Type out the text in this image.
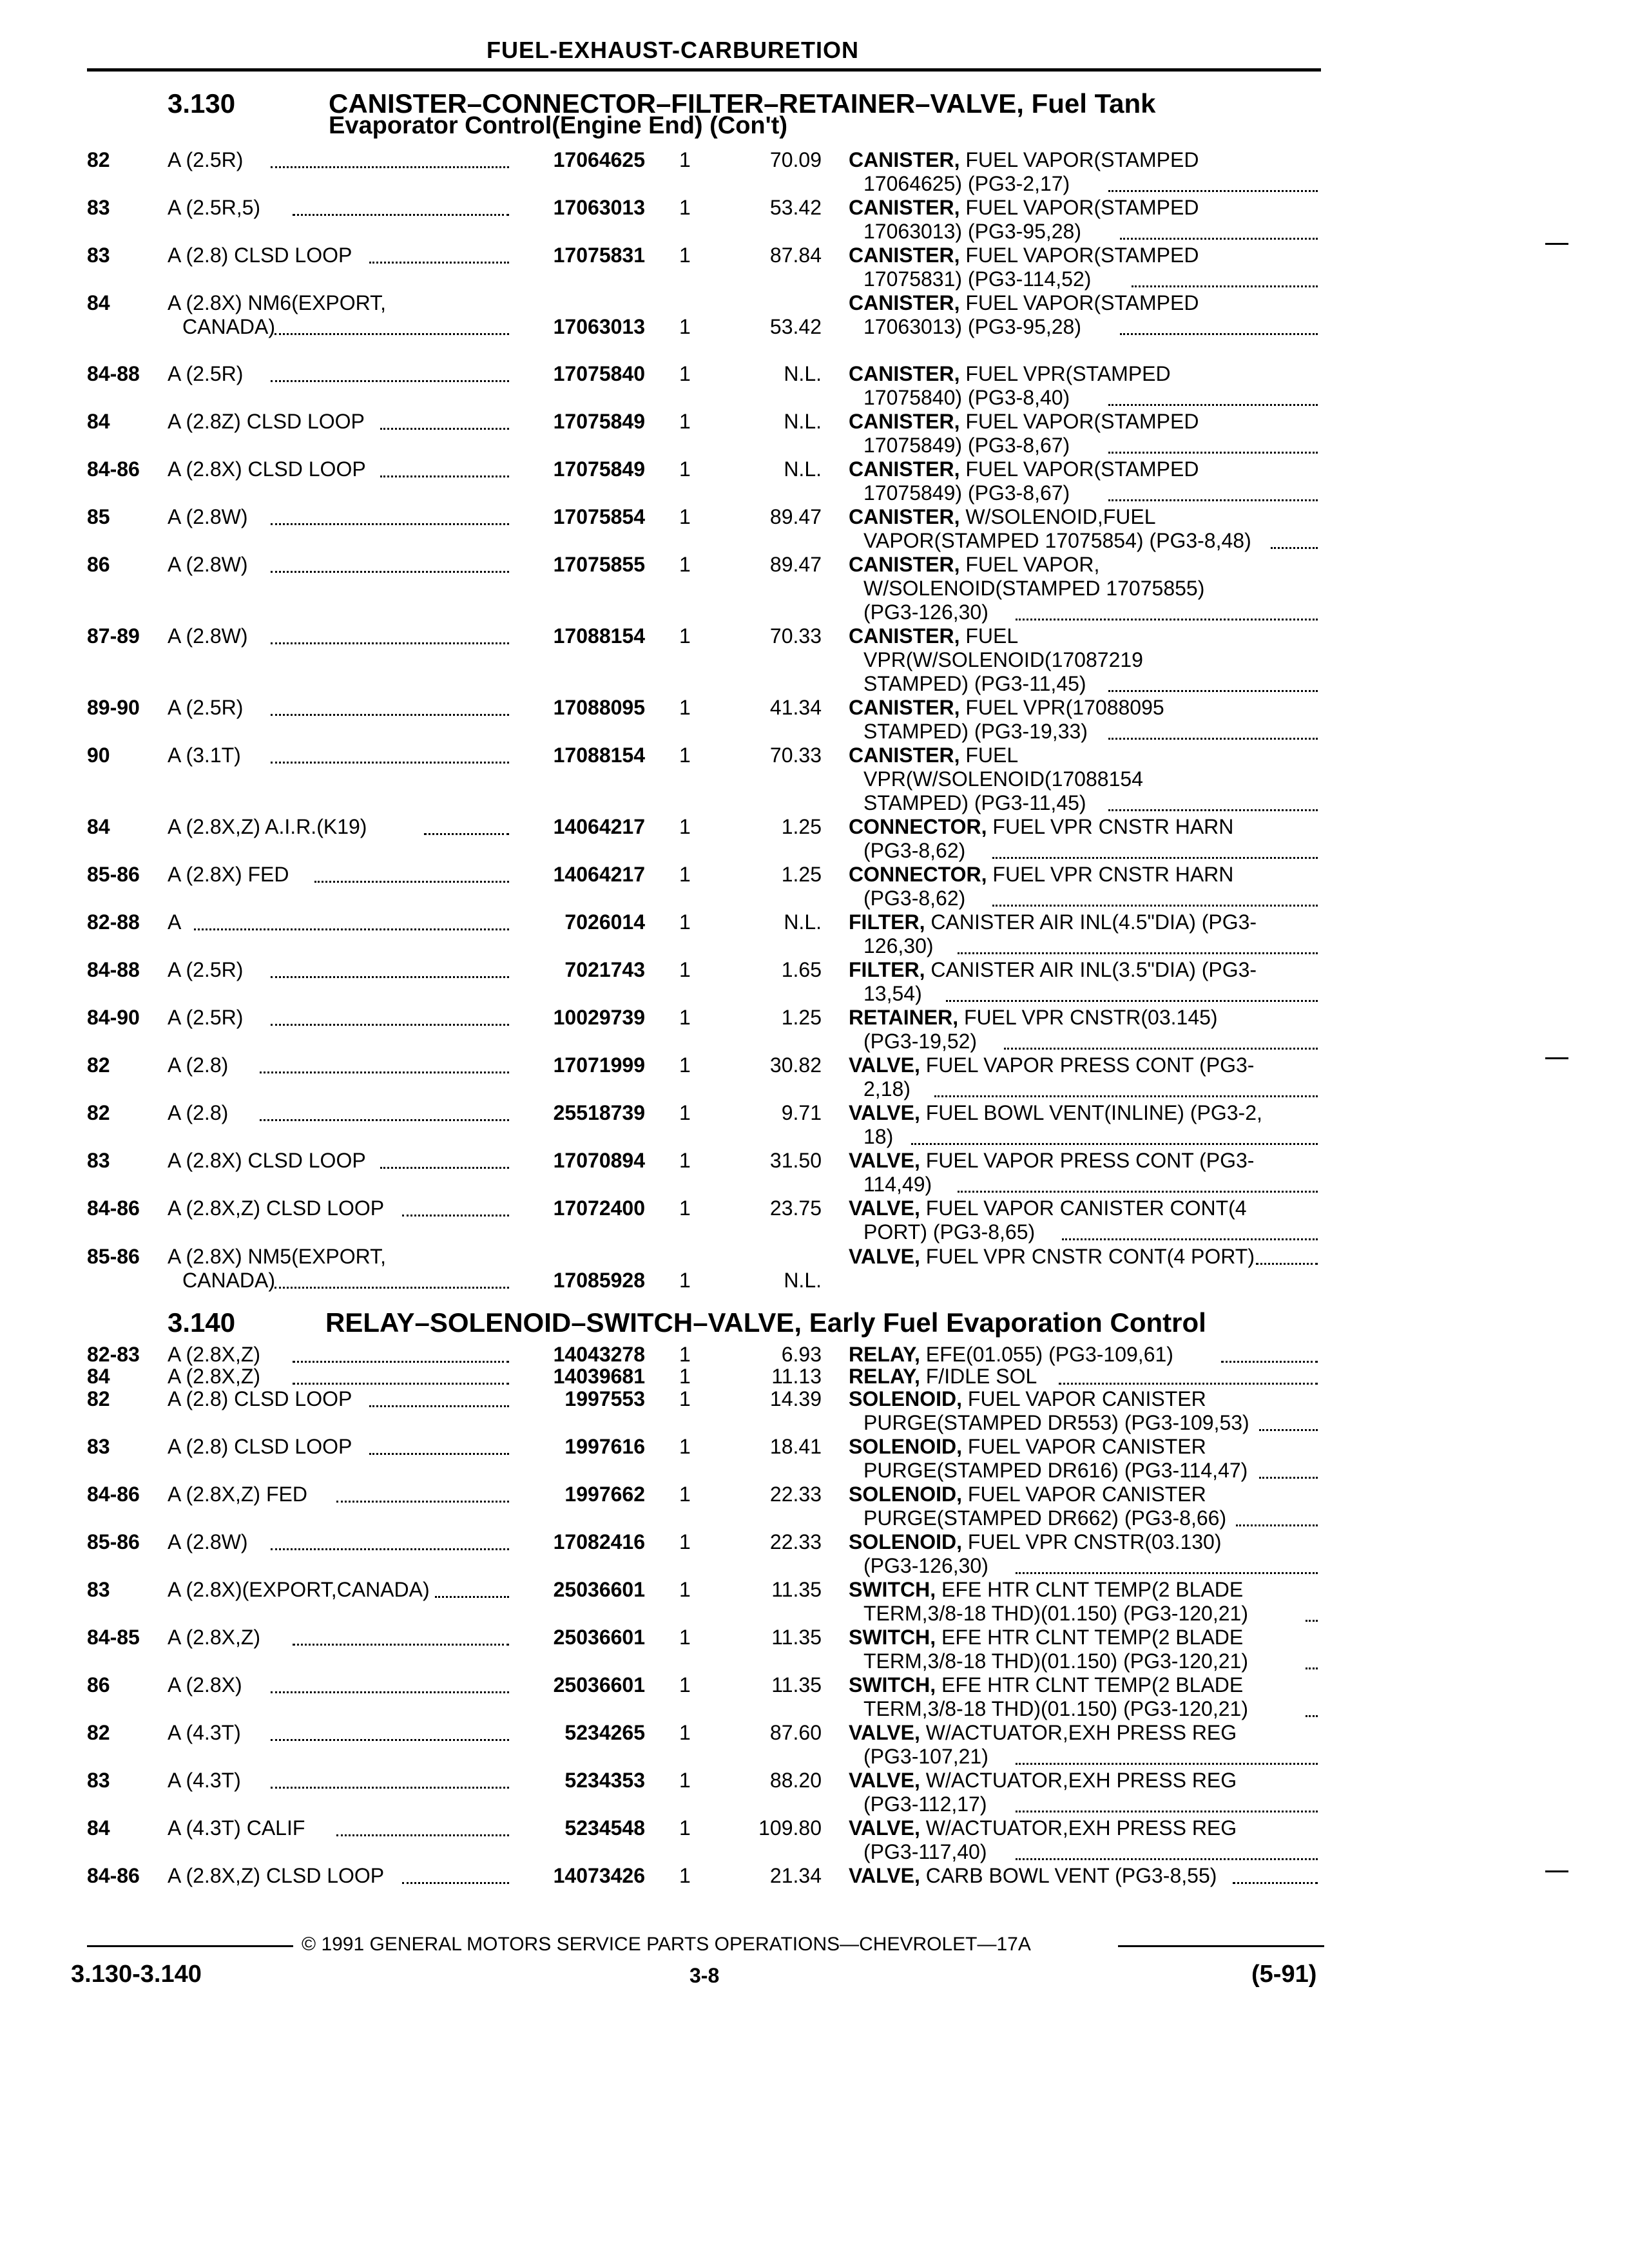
FUEL-EXHAUST-CARBURETION
3.130	CANISTER–CONNECTOR–FILTER–RETAINER–VALVE, Fuel Tank
Evaporator Control(Engine End) (Con't)
82	A (2.5R)	17064625 1	70.09 CANISTER, FUEL VAPOR(STAMPED
17064625) (PG3-2,17)
83	A (2.5R,5)	17063013 1	53.42 CANISTER, FUEL VAPOR(STAMPED
17063013) (PG3-95,28)
83	A (2.8) CLSD LOOP	17075831 1	87.84 CANISTER, FUEL VAPOR(STAMPED
17075831) (PG3-114,52)
84	A (2.8X) NM6(EXPORT,
CANADA)	17063013 1	53.42
CANISTER, FUEL VAPOR(STAMPED
17063013) (PG3-95,28)
84-88 A (2.5R)	17075840 1	N.L. CANISTER, FUEL VPR(STAMPED
17075840) (PG3-8,40)
84	A (2.8Z) CLSD LOOP	17075849 1	N.L. CANISTER, FUEL VAPOR(STAMPED
17075849) (PG3-8,67)
84-86 A (2.8X) CLSD LOOP	17075849 1	N.L. CANISTER, FUEL VAPOR(STAMPED
17075849) (PG3-8,67)
85	A (2.8W)	17075854 1	89.47 CANISTER, W/SOLENOID,FUEL
VAPOR(STAMPED 17075854) (PG3-8,48)
86	A (2.8W)	17075855 1	89.47 CANISTER, FUEL VAPOR,
W/SOLENOID(STAMPED 17075855)
(PG3-126,30)
87-89 A (2.8W)	17088154 1	70.33 CANISTER, FUEL
VPR(W/SOLENOID(17087219
STAMPED) (PG3-11,45)
89-90 A (2.5R)	17088095 1	41.34 CANISTER, FUEL VPR(17088095
STAMPED) (PG3-19,33)
90	A (3.1T)	17088154 1	70.33 CANISTER, FUEL
VPR(W/SOLENOID(17088154
STAMPED) (PG3-11,45)
84	A (2.8X,Z) A.I.R.(K19)	14064217 1	1.25 CONNECTOR, FUEL VPR CNSTR HARN
(PG3-8,62)
85-86 A (2.8X) FED	14064217 1	1.25 CONNECTOR, FUEL VPR CNSTR HARN
(PG3-8,62)
82-88 A	7026014 1	N.L. FILTER, CANISTER AIR INL(4.5"DIA) (PG3-
126,30)
84-88 A (2.5R)	7021743 1	1.65 FILTER, CANISTER AIR INL(3.5"DIA) (PG3-
13,54)
84-90 A (2.5R)	10029739 1	1.25 RETAINER, FUEL VPR CNSTR(03.145)
(PG3-19,52)
82	A (2.8)	17071999 1	30.82 VALVE, FUEL VAPOR PRESS CONT (PG3-
2,18)
82	A (2.8)	25518739 1	9.71 VALVE, FUEL BOWL VENT(INLINE) (PG3-2,
18)
83	A (2.8X) CLSD LOOP	17070894 1	31.50 VALVE, FUEL VAPOR PRESS CONT (PG3-
114,49)
84-86 A (2.8X,Z) CLSD LOOP	17072400 1	23.75 VALVE, FUEL VAPOR CANISTER CONT(4
PORT) (PG3-8,65)
85-86 A (2.8X) NM5(EXPORT,
CANADA)	17085928 1	N.L.
VALVE, FUEL VPR CNSTR CONT(4 PORT)
3.140	RELAY–SOLENOID–SWITCH–VALVE, Early Fuel Evaporation Control
82-83 A (2.8X,Z)	14043278 1	6.93 RELAY, EFE(01.055) (PG3-109,61)
84	A (2.8X,Z)	14039681 1	11.13 RELAY, F/IDLE SOL
82	A (2.8) CLSD LOOP	1997553 1	14.39 SOLENOID, FUEL VAPOR CANISTER
PURGE(STAMPED DR553) (PG3-109,53)
83	A (2.8) CLSD LOOP	1997616 1	18.41 SOLENOID, FUEL VAPOR CANISTER
PURGE(STAMPED DR616) (PG3-114,47)
84-86 A (2.8X,Z) FED	1997662 1	22.33 SOLENOID, FUEL VAPOR CANISTER
PURGE(STAMPED DR662) (PG3-8,66)
85-86 A (2.8W)	17082416 1	22.33 SOLENOID, FUEL VPR CNSTR(03.130)
(PG3-126,30)
83	A (2.8X)(EXPORT,CANADA)	25036601 1	11.35 SWITCH, EFE HTR CLNT TEMP(2 BLADE
TERM,3/8-18 THD)(01.150) (PG3-120,21)
84-85 A (2.8X,Z)	25036601 1	11.35 SWITCH, EFE HTR CLNT TEMP(2 BLADE
TERM,3/8-18 THD)(01.150) (PG3-120,21)
86	A (2.8X)	25036601 1	11.35 SWITCH, EFE HTR CLNT TEMP(2 BLADE
TERM,3/8-18 THD)(01.150) (PG3-120,21)
82	A (4.3T)	5234265 1	87.60 VALVE, W/ACTUATOR,EXH PRESS REG
(PG3-107,21)
83	A (4.3T)	5234353 1	88.20 VALVE, W/ACTUATOR,EXH PRESS REG
(PG3-112,17)
84	A (4.3T) CALIF	5234548 1	109.80 VALVE, W/ACTUATOR,EXH PRESS REG
(PG3-117,40)
84-86 A (2.8X,Z) CLSD LOOP	14073426 1	21.34 VALVE, CARB BOWL VENT (PG3-8,55)
© 1991 GENERAL MOTORS SERVICE PARTS OPERATIONS—CHEVROLET—17A
3.130-3.140	3-8	(5-91)
